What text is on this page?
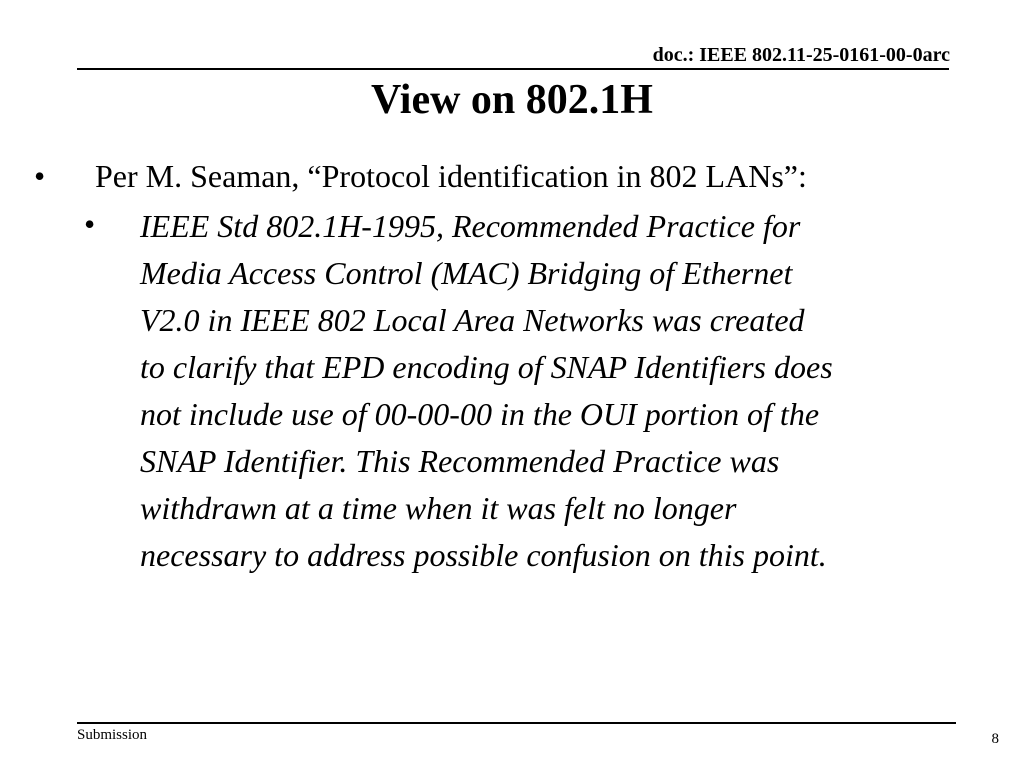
doc.: IEEE 802.11-25-0161-00-0arc
View on 802.1H
• Per M. Seaman, “Protocol identification in 802 LANs”:
• IEEE Std 802.1H-1995, Recommended Practice for
Media Access Control (MAC) Bridging of Ethernet
V2.0 in IEEE 802 Local Area Networks was created
to clarify that EPD encoding of SNAP Identifiers does
not include use of 00-00-00 in the OUI portion of the
SNAP Identifier. This Recommended Practice was
withdrawn at a time when it was felt no longer
necessary to address possible confusion on this point.
Submission	8
